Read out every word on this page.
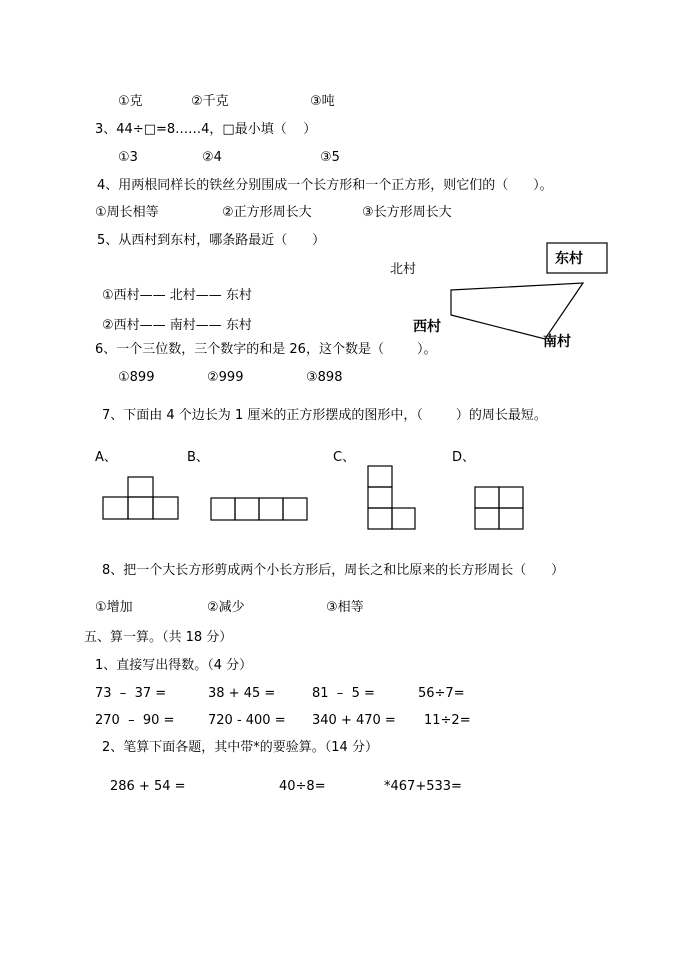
①克	②千克	③吨
3、44÷□=8……4，□最小填（    ）
①3	②4	③5
4、用两根同样长的铁丝分别围成一个长方形和一个正方形，则它们的（      ）。
①周长相等	②正方形周长大	③长方形周长大
5、从西村到东村，哪条路最近（      ）
①西村—— 北村—— 东村
②西村—— 南村—— 东村
北村
东村
西村
南村
6、一个三位数，三个数字的和是 26，这个数是（        ）。
①899	②999	③898
7、下面由 4 个边长为 1 厘米的正方形摆成的图形中，（        ）的周长最短。
A、	B、	C、	D、
8、把一个大长方形剪成两个小长方形后，周长之和比原来的长方形周长（      ）
①增加	②减少	③相等
五、算一算。（共 18 分）
1、直接写出得数。（4 分）
73  –  37 =	38 + 45 =	81  –  5 =	56÷7=
270  –  90 =	720 - 400 = 340 + 470 = 11÷2=
2、笔算下面各题，其中带*的要验算。（14 分）
286 + 54 =	40÷8=	*467+533=
